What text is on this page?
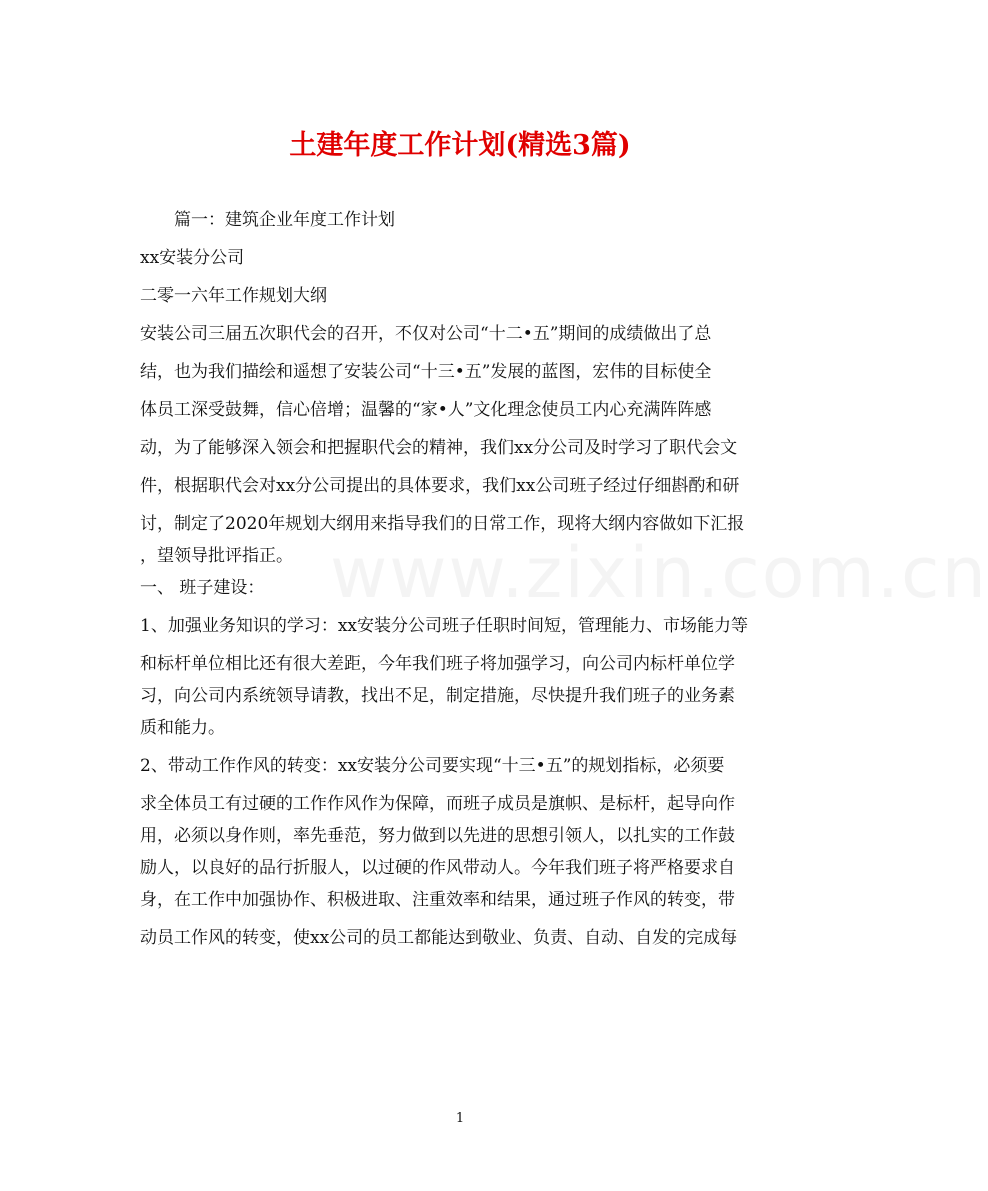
土建年度工作计划(精选3篇)
www.zixin.com.cn
篇一：建筑企业年度工作计划
xx安装分公司
二零一六年工作规划大纲
安装公司三届五次职代会的召开，不仅对公司“十二•五”期间的成绩做出了总
结，也为我们描绘和遥想了安装公司“十三•五”发展的蓝图，宏伟的目标使全
体员工深受鼓舞，信心倍增；温馨的“家•人”文化理念使员工内心充满阵阵感
动，为了能够深入领会和把握职代会的精神，我们xx分公司及时学习了职代会文
件，根据职代会对xx分公司提出的具体要求，我们xx公司班子经过仔细斟酌和研
讨，制定了2020年规划大纲用来指导我们的日常工作，现将大纲内容做如下汇报
，望领导批评指正。
一、 班子建设：
1、加强业务知识的学习：xx安装分公司班子任职时间短，管理能力、市场能力等
和标杆单位相比还有很大差距，今年我们班子将加强学习，向公司内标杆单位学
习，向公司内系统领导请教，找出不足，制定措施，尽快提升我们班子的业务素
质和能力。
2、带动工作作风的转变：xx安装分公司要实现“十三•五”的规划指标，必须要
求全体员工有过硬的工作作风作为保障，而班子成员是旗帜、是标杆，起导向作
用，必须以身作则，率先垂范，努力做到以先进的思想引领人，以扎实的工作鼓
励人，以良好的品行折服人，以过硬的作风带动人。今年我们班子将严格要求自
身，在工作中加强协作、积极进取、注重效率和结果，通过班子作风的转变，带
动员工作风的转变，使xx公司的员工都能达到敬业、负责、自动、自发的完成每
1
